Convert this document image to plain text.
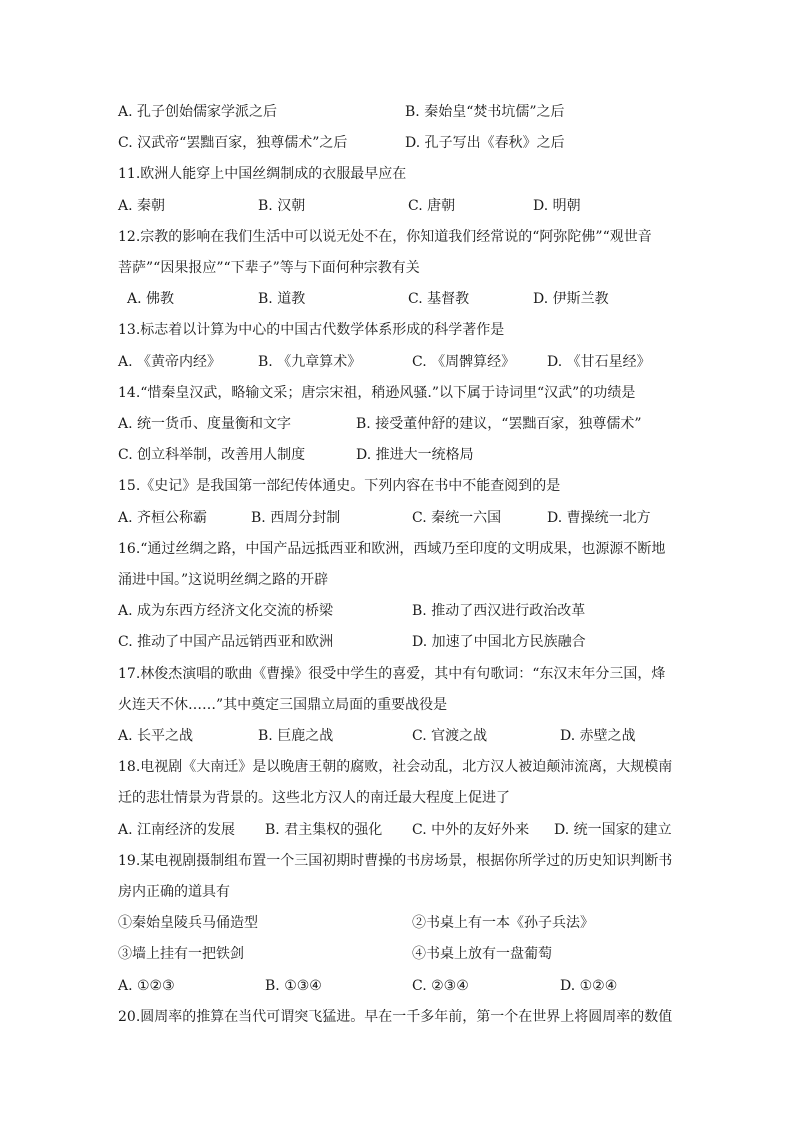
A. 孔子创始儒家学派之后	B. 秦始皇“焚书坑儒”之后
C. 汉武帝“罢黜百家，独尊儒术”之后	D. 孔子写出《春秋》之后
11.欧洲人能穿上中国丝绸制成的衣服最早应在
A. 秦朝	B. 汉朝	C. 唐朝	D. 明朝
12.宗教的影响在我们生活中可以说无处不在，你知道我们经常说的“阿弥陀佛”“观世音
菩萨”“因果报应”“下辈子”等与下面何种宗教有关
A. 佛教	B. 道教	C. 基督教	D. 伊斯兰教
13.标志着以计算为中心的中国古代数学体系形成的科学著作是
A. 《黄帝内经》	B. 《九章算术》	C. 《周髀算经》 D. 《甘石星经》
14.“惜秦皇汉武，略输文采；唐宗宋祖，稍逊风骚.”以下属于诗词里“汉武”的功绩是
A. 统一货币、度量衡和文字	B. 接受董仲舒的建议，“罢黜百家，独尊儒术”
C. 创立科举制，改善用人制度	D. 推进大一统格局
15.《史记》是我国第一部纪传体通史。下列内容在书中不能查阅到的是
A. 齐桓公称霸	B. 西周分封制	C. 秦统一六国	D. 曹操统一北方
16.“通过丝绸之路，中国产品远抵西亚和欧洲，西域乃至印度的文明成果，也源源不断地
涌进中国。”这说明丝绸之路的开辟
A. 成为东西方经济文化交流的桥梁	B. 推动了西汉进行政治改革
C. 推动了中国产品远销西亚和欧洲	D. 加速了中国北方民族融合
17.林俊杰演唱的歌曲《曹操》很受中学生的喜爱，其中有句歌词：“东汉末年分三国，烽
火连天不休……”其中奠定三国鼎立局面的重要战役是
A. 长平之战	B. 巨鹿之战	C. 官渡之战	D. 赤壁之战
18.电视剧《大南迁》是以晚唐王朝的腐败，社会动乱，北方汉人被迫颠沛流离，大规模南
迁的悲壮情景为背景的。这些北方汉人的南迁最大程度上促进了
A. 江南经济的发展 B. 君主集权的强化 C. 中外的友好外来 D. 统一国家的建立
19.某电视剧摄制组布置一个三国初期时曹操的书房场景，根据你所学过的历史知识判断书
房内正确的道具有
①秦始皇陵兵马俑造型	②书桌上有一本《孙子兵法》
③墙上挂有一把铁剑	④书桌上放有一盘葡萄
A. ①②③	B. ①③④	C. ②③④	D. ①②④
20.圆周率的推算在当代可谓突飞猛进。早在一千多年前，第一个在世界上将圆周率的数值
